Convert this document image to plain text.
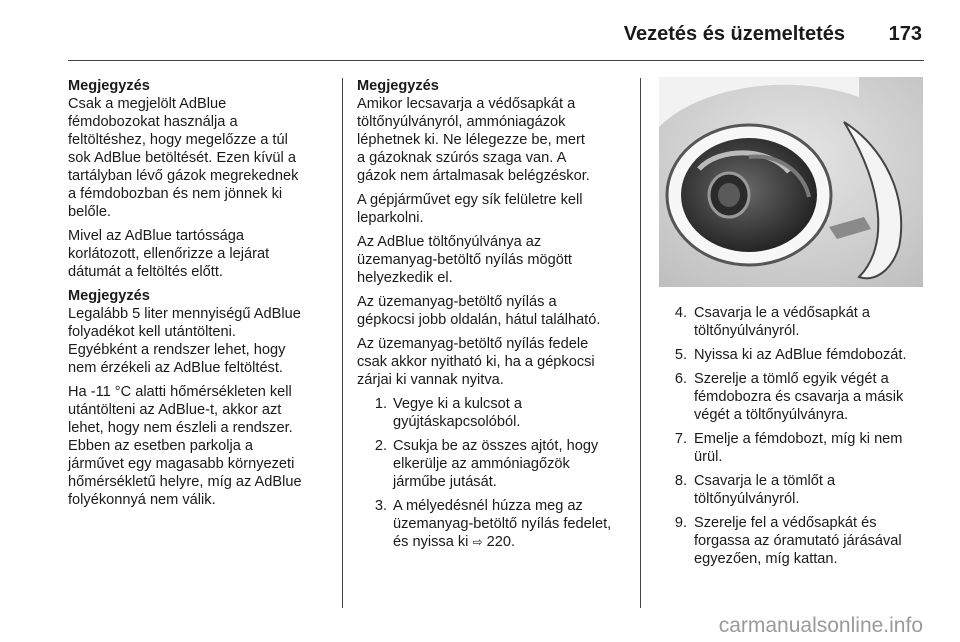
Vezetés és üzemeltetés	173
Megjegyzés

Csak a megjelölt AdBlue
fémdobozokat használja a
feltöltéshez, hogy megelőzze a túl
sok AdBlue betöltését. Ezen kívül a
tartályban lévő gázok megrekednek
a fémdobozban és nem jönnek ki
belőle.

Mivel az AdBlue tartóssága
korlátozott, ellenőrizze a lejárat
dátumát a feltöltés előtt.

Megjegyzés

Legalább 5 liter mennyiségű AdBlue
folyadékot kell utántölteni.
Egyébként a rendszer lehet, hogy
nem érzékeli az AdBlue feltöltést.

Ha -11 °C alatti hőmérsékleten kell
utántölteni az AdBlue-t, akkor azt
lehet, hogy nem észleli a rendszer.
Ebben az esetben parkolja a
járművet egy magasabb környezeti
hőmérsékletű helyre, míg az AdBlue
folyékonnyá nem válik.

Megjegyzés

Amikor lecsavarja a védősapkát a
töltőnyúlványról, ammóniagázok
léphetnek ki. Ne lélegezze be, mert
a gázoknak szúrós szaga van. A
gázok nem ártalmasak belégzéskor.

A gépjárművet egy sík felületre kell
leparkolni.

Az AdBlue töltőnyúlványa az
üzemanyag-betöltő nyílás mögött
helyezkedik el.

Az üzemanyag-betöltő nyílás a
gépkocsi jobb oldalán, hátul található.

Az üzemanyag-betöltő nyílás fedele
csak akkor nyitható ki, ha a gépkocsi
zárjai ki vannak nyitva.

1. Vegye ki a kulcsot a
gyújtáskapcsolóból.
2. Csukja be az összes ajtót, hogy
elkerülje az ammóniagőzök
járműbe jutását.
3. A mélyedésnél húzza meg az
üzemanyag-betöltő nyílás fedelet,
és nyissa ki ⇨ 220.
4. Csavarja le a védősapkát a
töltőnyúlványról.
5. Nyissa ki az AdBlue fémdobozát.
6. Szerelje a tömlő egyik végét a
fémdobozra és csavarja a másik
végét a töltőnyúlványra.
7. Emelje a fémdobozt, míg ki nem
ürül.
8. Csavarja le a tömlőt a
töltőnyúlványról.
9. Szerelje fel a védősapkát és
forgassa az óramutató járásával
egyezően, míg kattan.
carmanualsonline.info
